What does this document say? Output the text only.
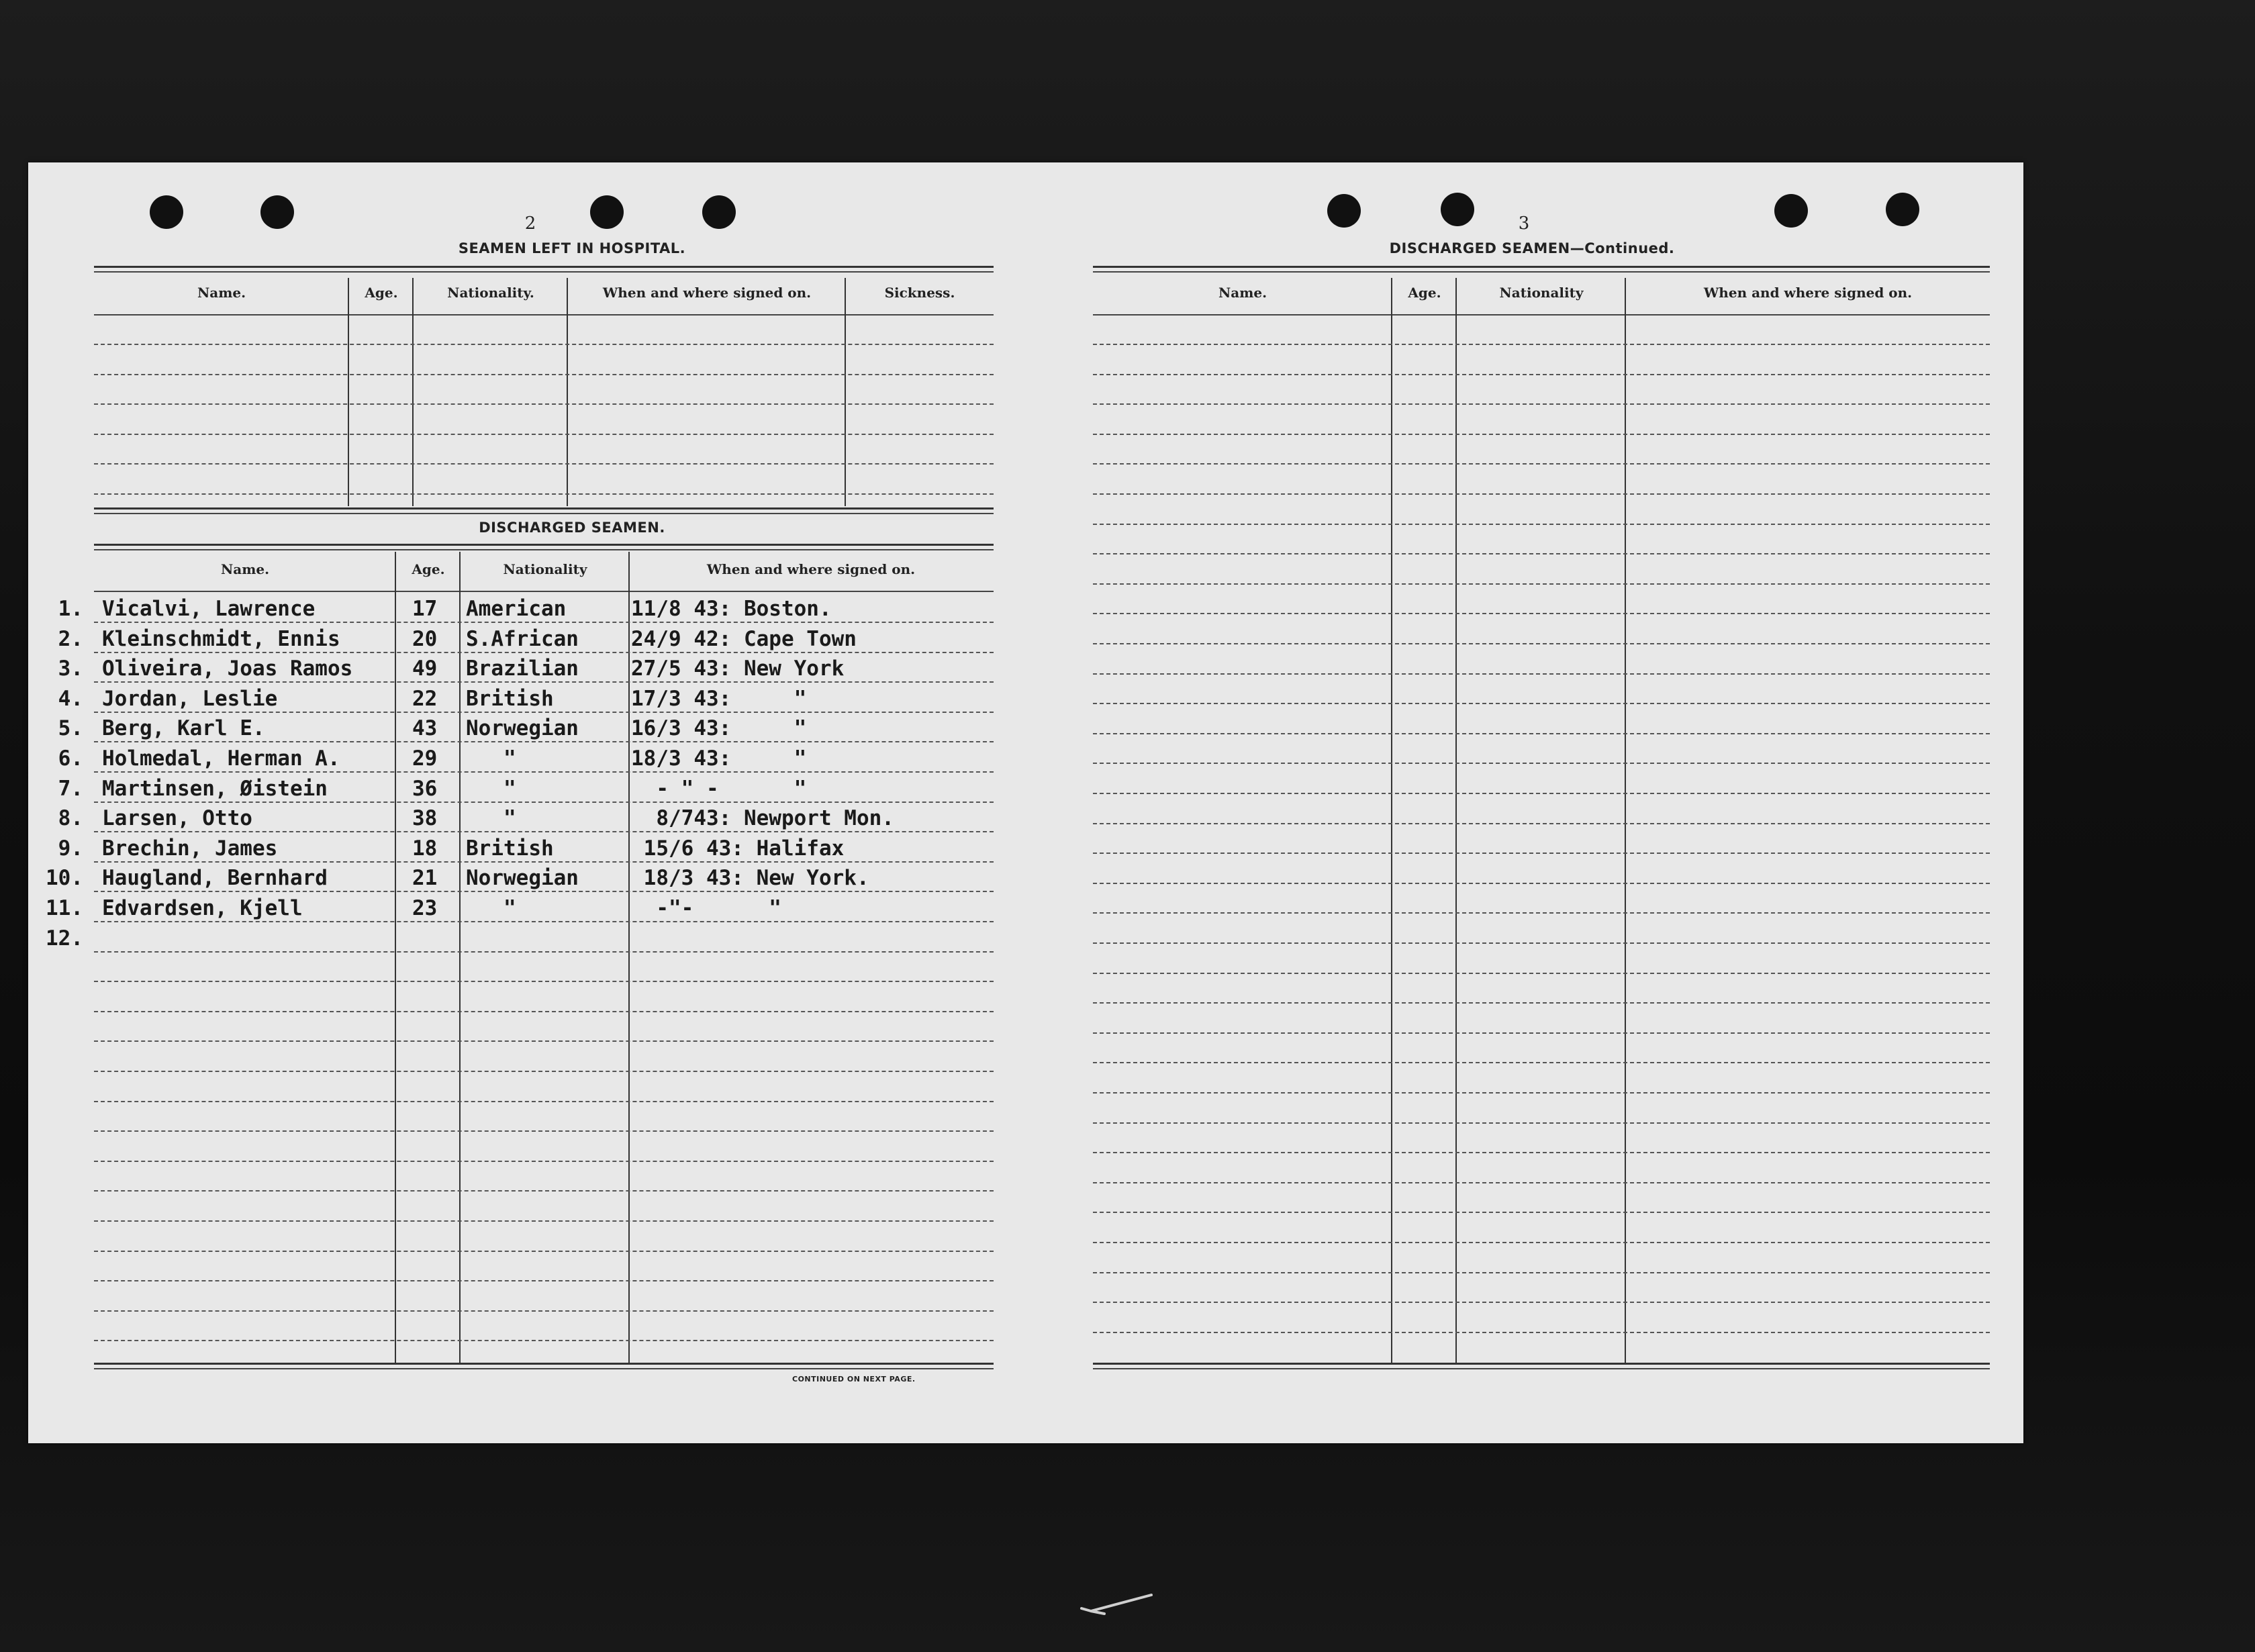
2
SEAMEN LEFT IN HOSPITAL.
Name.	Age.	Nationality.	When and where signed on.	Sickness.
DISCHARGED SEAMEN.
Name.	Age.	Nationality	When and where signed on.
1. Vicalvi, Lawrence	17 American	11/8 43: Boston.
2. Kleinschmidt, Ennis	20 S.African	24/9 42: Cape Town
3. Oliveira, Joas Ramos	49 Brazilian	27/5 43: New York
4. Jordan, Leslie	22 British	17/3 43:     "
5. Berg, Karl E.	43 Norwegian	16/3 43:     "
6. Holmedal, Herman A.	29 "	18/3 43:     "
7. Martinsen, Øistein	36 "	- " -      "
8. Larsen, Otto	38 "	8/743: Newport Mon.
9. Brechin, James	18 British	15/6 43: Halifax
10. Haugland, Bernhard	21 Norwegian	18/3 43: New York.
11. Edvardsen, Kjell	23 "	-"-      "
12.
CONTINUED ON NEXT PAGE.
3
DISCHARGED SEAMEN—Continued.
Name.	Age.	Nationality	When and where signed on.
